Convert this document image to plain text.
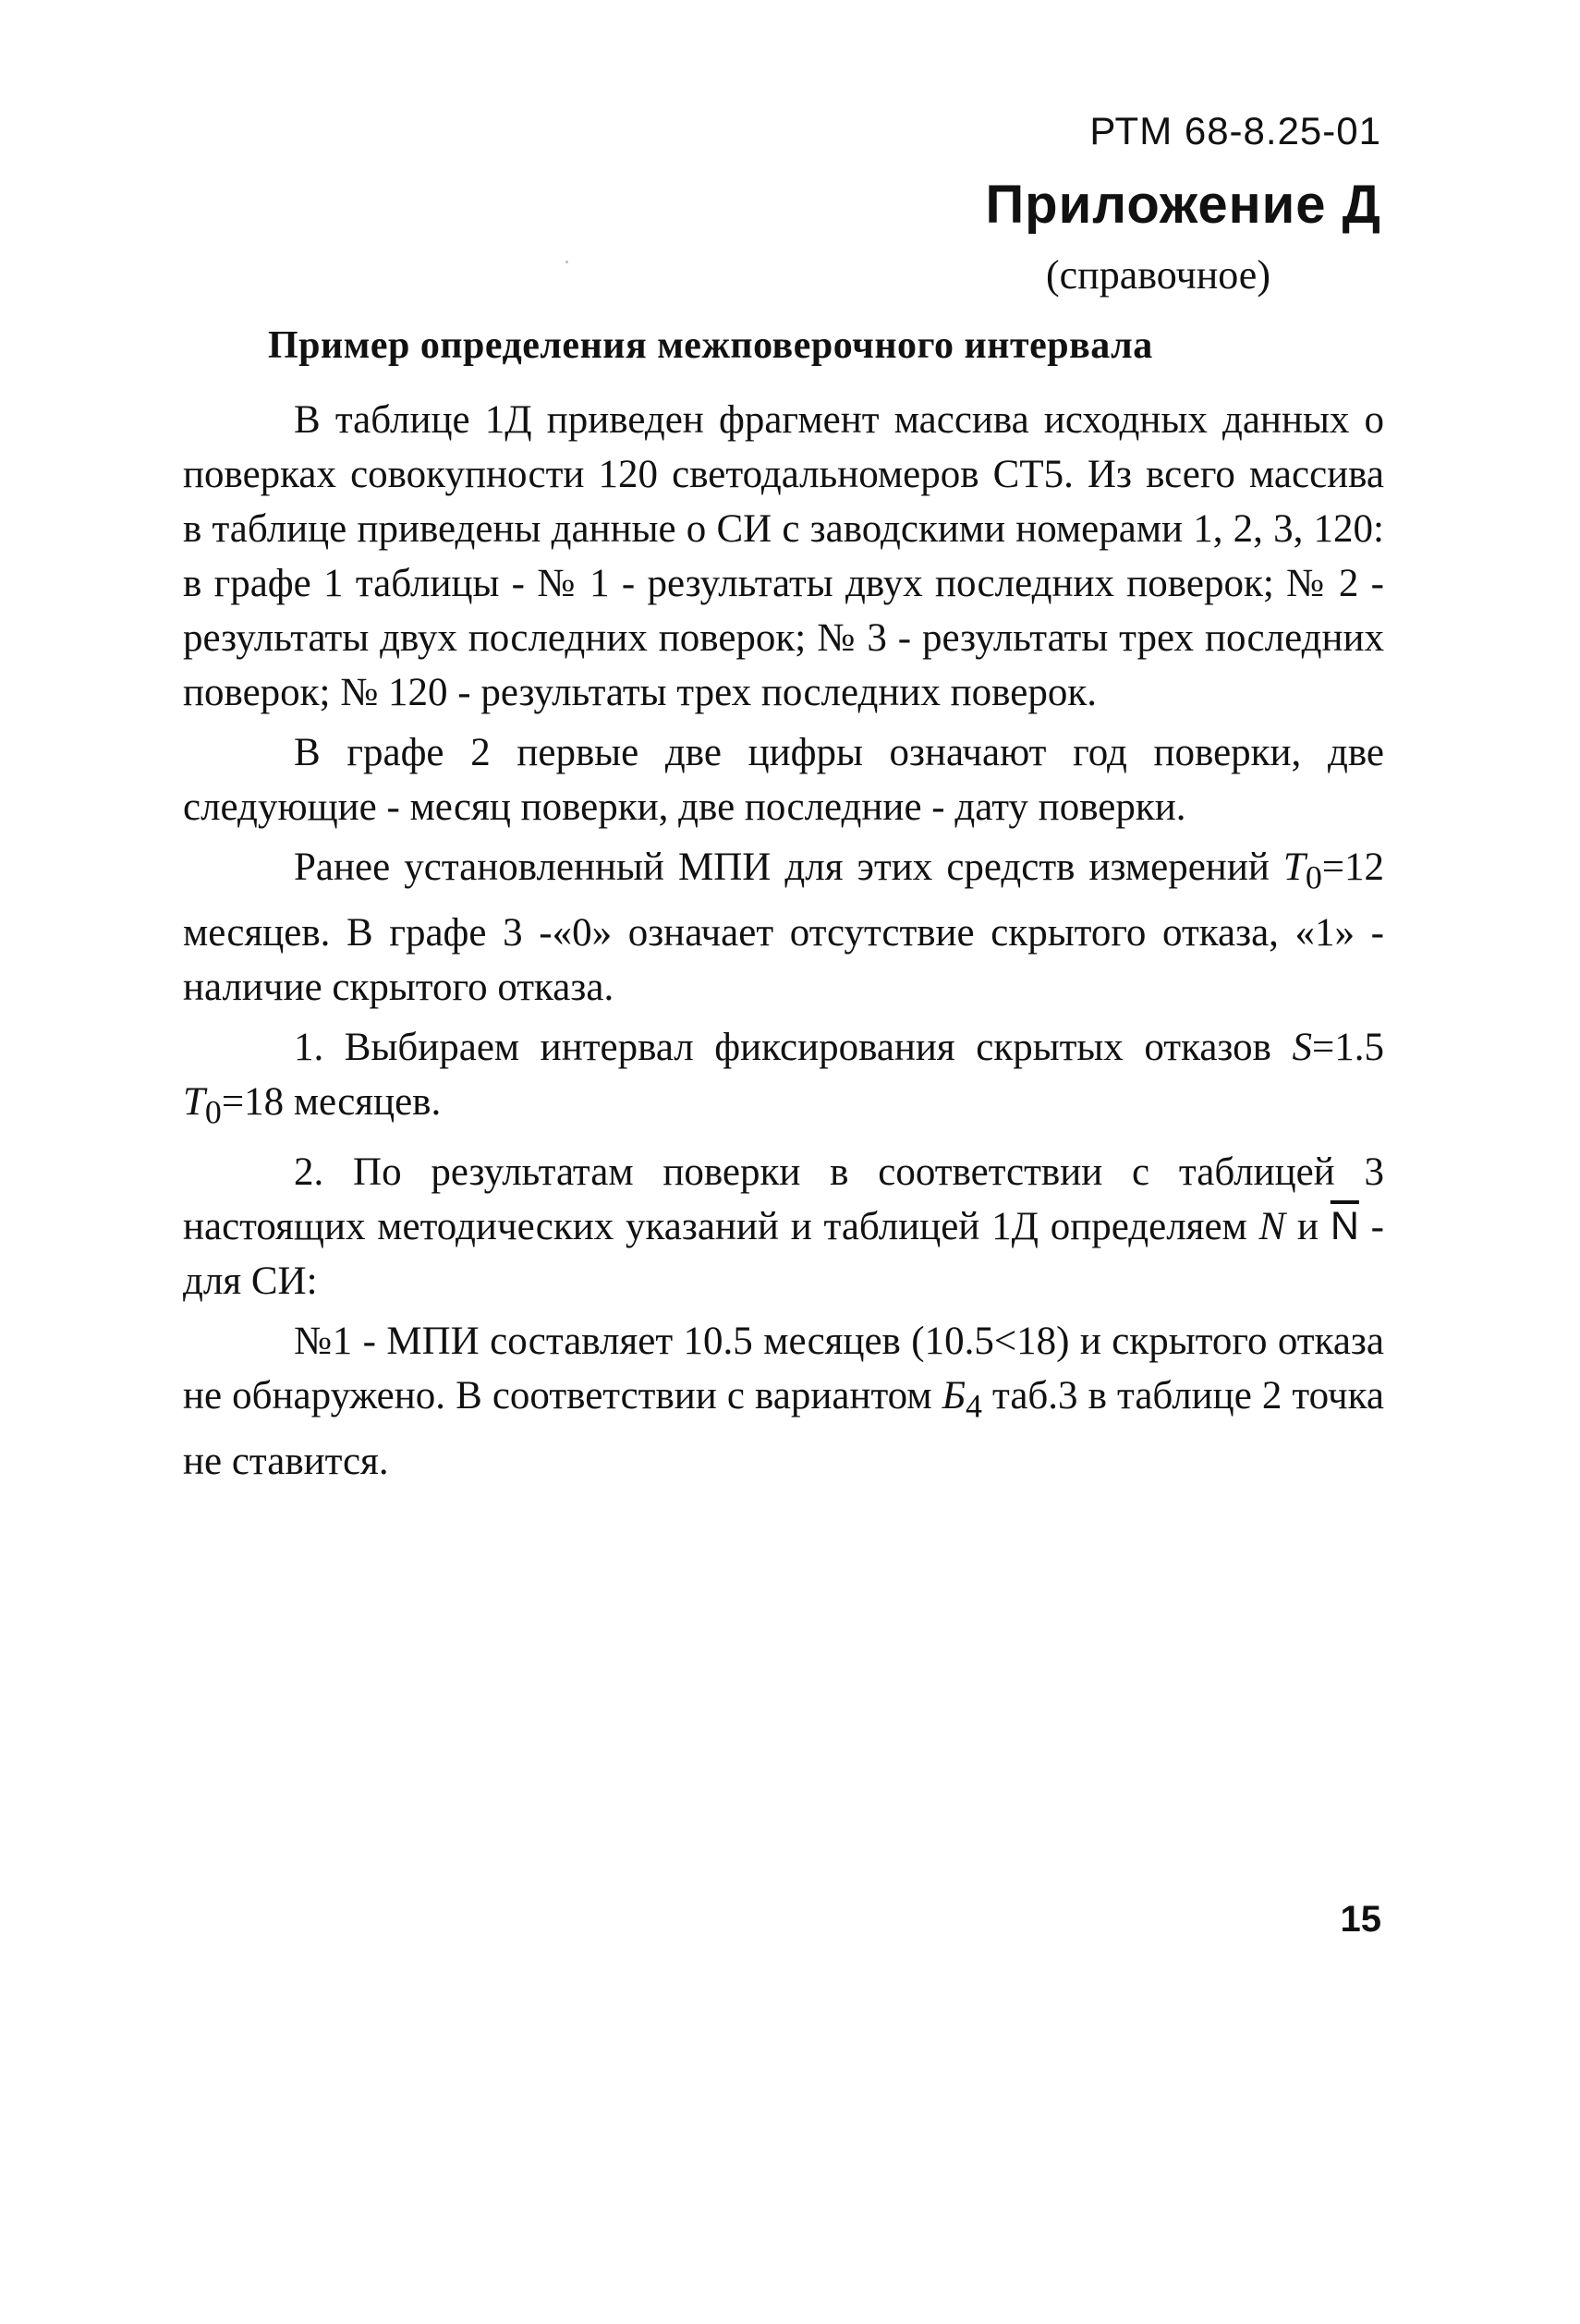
РТМ 68-8.25-01
Приложение Д
(справочное)
Пример определения межповерочного интервала

В таблице 1Д приведен фрагмент массива исходных данных о поверках совокупности 120 светодальномеров СТ5. Из всего массива в таблице приведены данные о СИ с заводскими номерами 1, 2, 3, 120: в графе 1 таблицы - № 1 - результаты двух последних поверок; № 2 - результаты двух последних поверок; № 3 - результаты трех последних поверок; № 120 - результаты трех последних поверок.

В графе 2 первые две цифры означают год поверки, две следующие - месяц поверки, две последние - дату поверки.

Ранее установленный МПИ для этих средств измерений $T_0=12$ месяцев. В графе 3 -«0» означает отсутствие скрытого отказа, «1» - наличие скрытого отказа.

1. Выбираем интервал фиксирования скрытых отказов S=1.5 $T_0=18$ месяцев.

2. По результатам поверки в соответствии с таблицей 3 настоящих методических указаний и таблицей 1Д определяем N и $\overline{N}$ - для СИ:

№1 - МПИ составляет 10.5 месяцев (10.5<18) и скрытого отказа не обнаружено. В соответствии с вариантом $Б_4$ таб.3 в таблице 2 точка не ставится.

15
